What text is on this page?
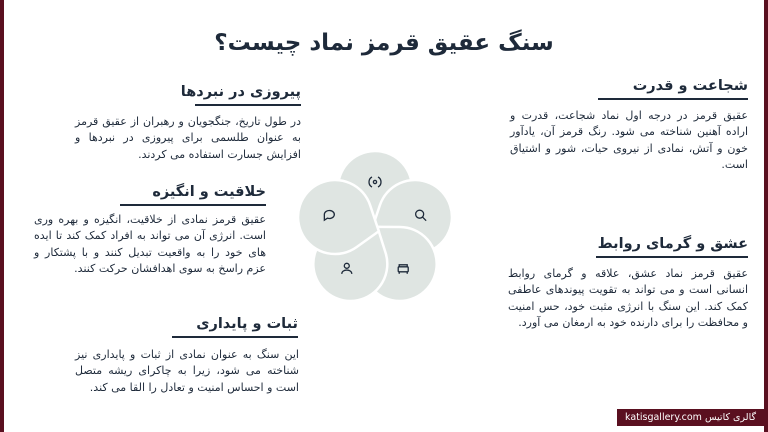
سنگ عقیق قرمز نماد چیست؟
شجاعت و قدرت
عقیق قرمز در درجه اول نماد شجاعت، قدرت و اراده آهنین شناخته می شود. رنگ قرمز آن، یادآور خون و آتش، نمادی از نیروی حیات، شور و اشتیاق است.
عشق و گرمای روابط
عقیق قرمز نماد عشق، علاقه و گرمای روابط انسانی است و می تواند به تقویت پیوندهای عاطفی کمک کند. این سنگ با انرژی مثبت خود، حس امنیت و محافظت را برای دارنده خود به ارمغان می آورد.
پیروزی در نبردها
در طول تاریخ، جنگجویان و رهبران از عقیق قرمز به عنوان طلسمی برای پیروزی در نبردها و افزایش جسارت استفاده می کردند.
خلاقیت و انگیزه
عقیق قرمز نمادی از خلاقیت، انگیزه و بهره وری است. انرژی آن می تواند به افراد کمک کند تا ایده های خود را به واقعیت تبدیل کنند و با پشتکار و عزم راسخ به سوی اهدافشان حرکت کنند.
ثبات و پایداری
این سنگ به عنوان نمادی از ثبات و پایداری نیز شناخته می شود، زیرا به چاکرای ریشه متصل است و احساس امنیت و تعادل را القا می کند.
گالری کاتیس katisgallery.com
